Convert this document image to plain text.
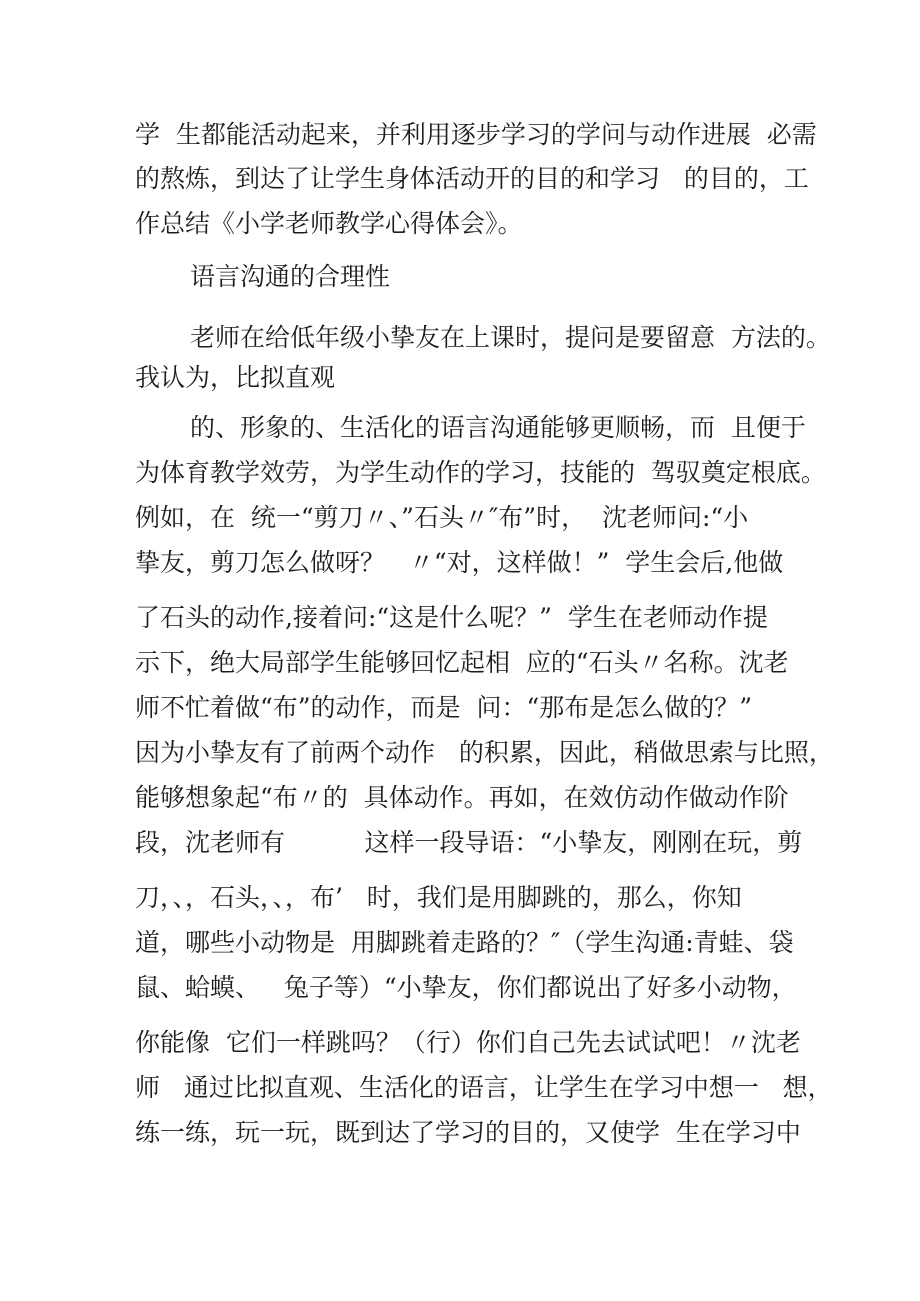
学  生都能活动起来，并利用逐步学习的学问与动作进展  必需

的熬炼，到达了让学生身体活动开的目的和学习   的目的，工

作总结《小学老师教学心得体会》。

语言沟通的合理性

老师在给低年级小挚友在上课时，提问是要留意  方法的。

我认为，比拟直观

的、形象的、生活化的语言沟通能够更顺畅，而  且便于

为体育教学效劳，为学生动作的学习，技能的  驾驭奠定根底。

例如，在  统一“剪刀〃、”石头〃″布”时，  沈老师问:“小

挚友，剪刀怎么做呀？   〃“对，这样做！”  学生会后,他做

了石头的动作,接着问:“这是什么呢？”  学生在老师动作提

示下，绝大局部学生能够回忆起相  应的“石头〃名称。沈老

师不忙着做“布”的动作，而是  问：“那布是怎么做的？”

因为小挚友有了前两个动作   的积累，因此，稍做思索与比照，

能够想象起“布〃的  具体动作。再如，在效仿动作做动作阶

段，沈老师有          这样一段导语：“小挚友，刚刚在玩，剪

刀，、，石头，、，布’   时，我们是用脚跳的，那么，你知

道，哪些小动物是  用脚跳着走路的？″（学生沟通:青蛙、袋

鼠、蛤蟆、   兔子等）“小挚友，你们都说出了好多小动物，

你能像  它们一样跳吗？（行）你们自己先去试试吧！〃沈老

师   通过比拟直观、生活化的语言，让学生在学习中想一   想，

练一练，玩一玩，既到达了学习的目的，又使学  生在学习中
